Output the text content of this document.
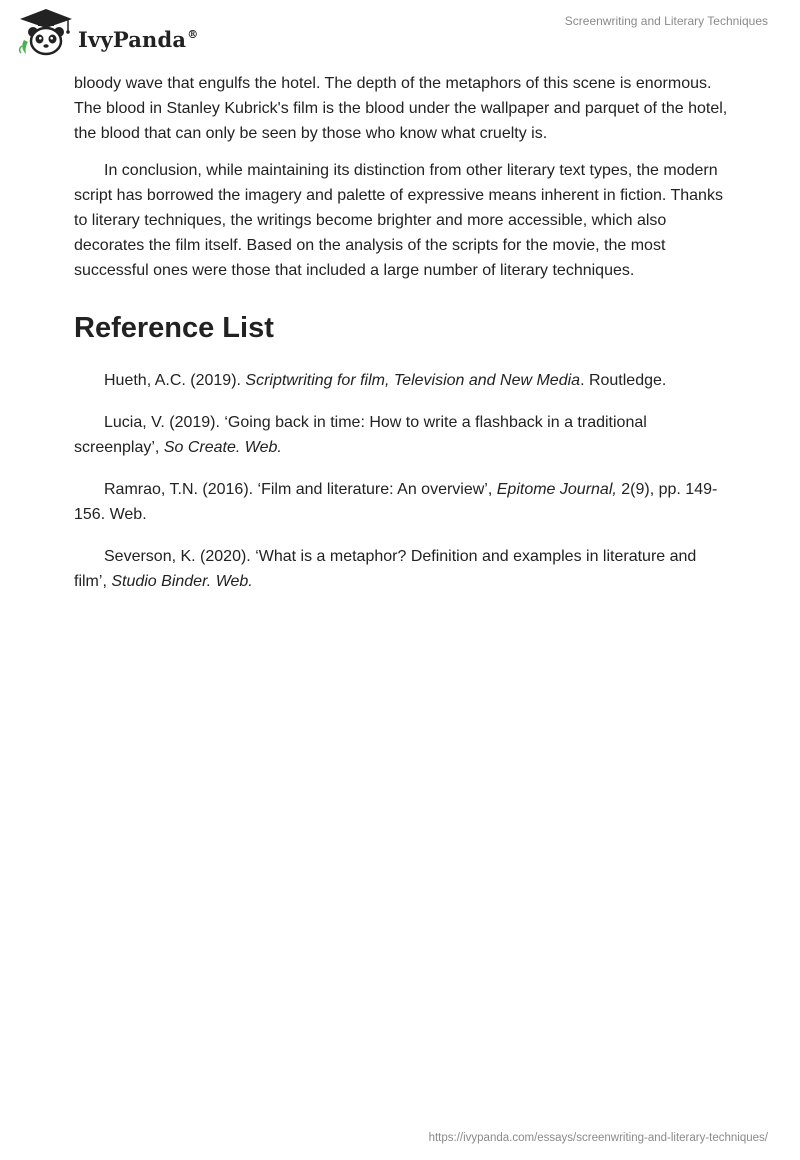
IvyPanda®
Screenwriting and Literary Techniques

bloody wave that engulfs the hotel. The depth of the metaphors of this scene is enormous. The blood in Stanley Kubrick's film is the blood under the wallpaper and parquet of the hotel, the blood that can only be seen by those who know what cruelty is.

In conclusion, while maintaining its distinction from other literary text types, the modern script has borrowed the imagery and palette of expressive means inherent in fiction. Thanks to literary techniques, the writings become brighter and more accessible, which also decorates the film itself. Based on the analysis of the scripts for the movie, the most successful ones were those that included a large number of literary techniques.

Reference List

Hueth, A.C. (2019). Scriptwriting for film, Television and New Media. Routledge.

Lucia, V. (2019). ‘Going back in time: How to write a flashback in a traditional screenplay’, So Create. Web.

Ramrao, T.N. (2016). ‘Film and literature: An overview’, Epitome Journal, 2(9), pp. 149-156. Web.

Severson, K. (2020). ‘What is a metaphor? Definition and examples in literature and film’, Studio Binder. Web.

https://ivypanda.com/essays/screenwriting-and-literary-techniques/
